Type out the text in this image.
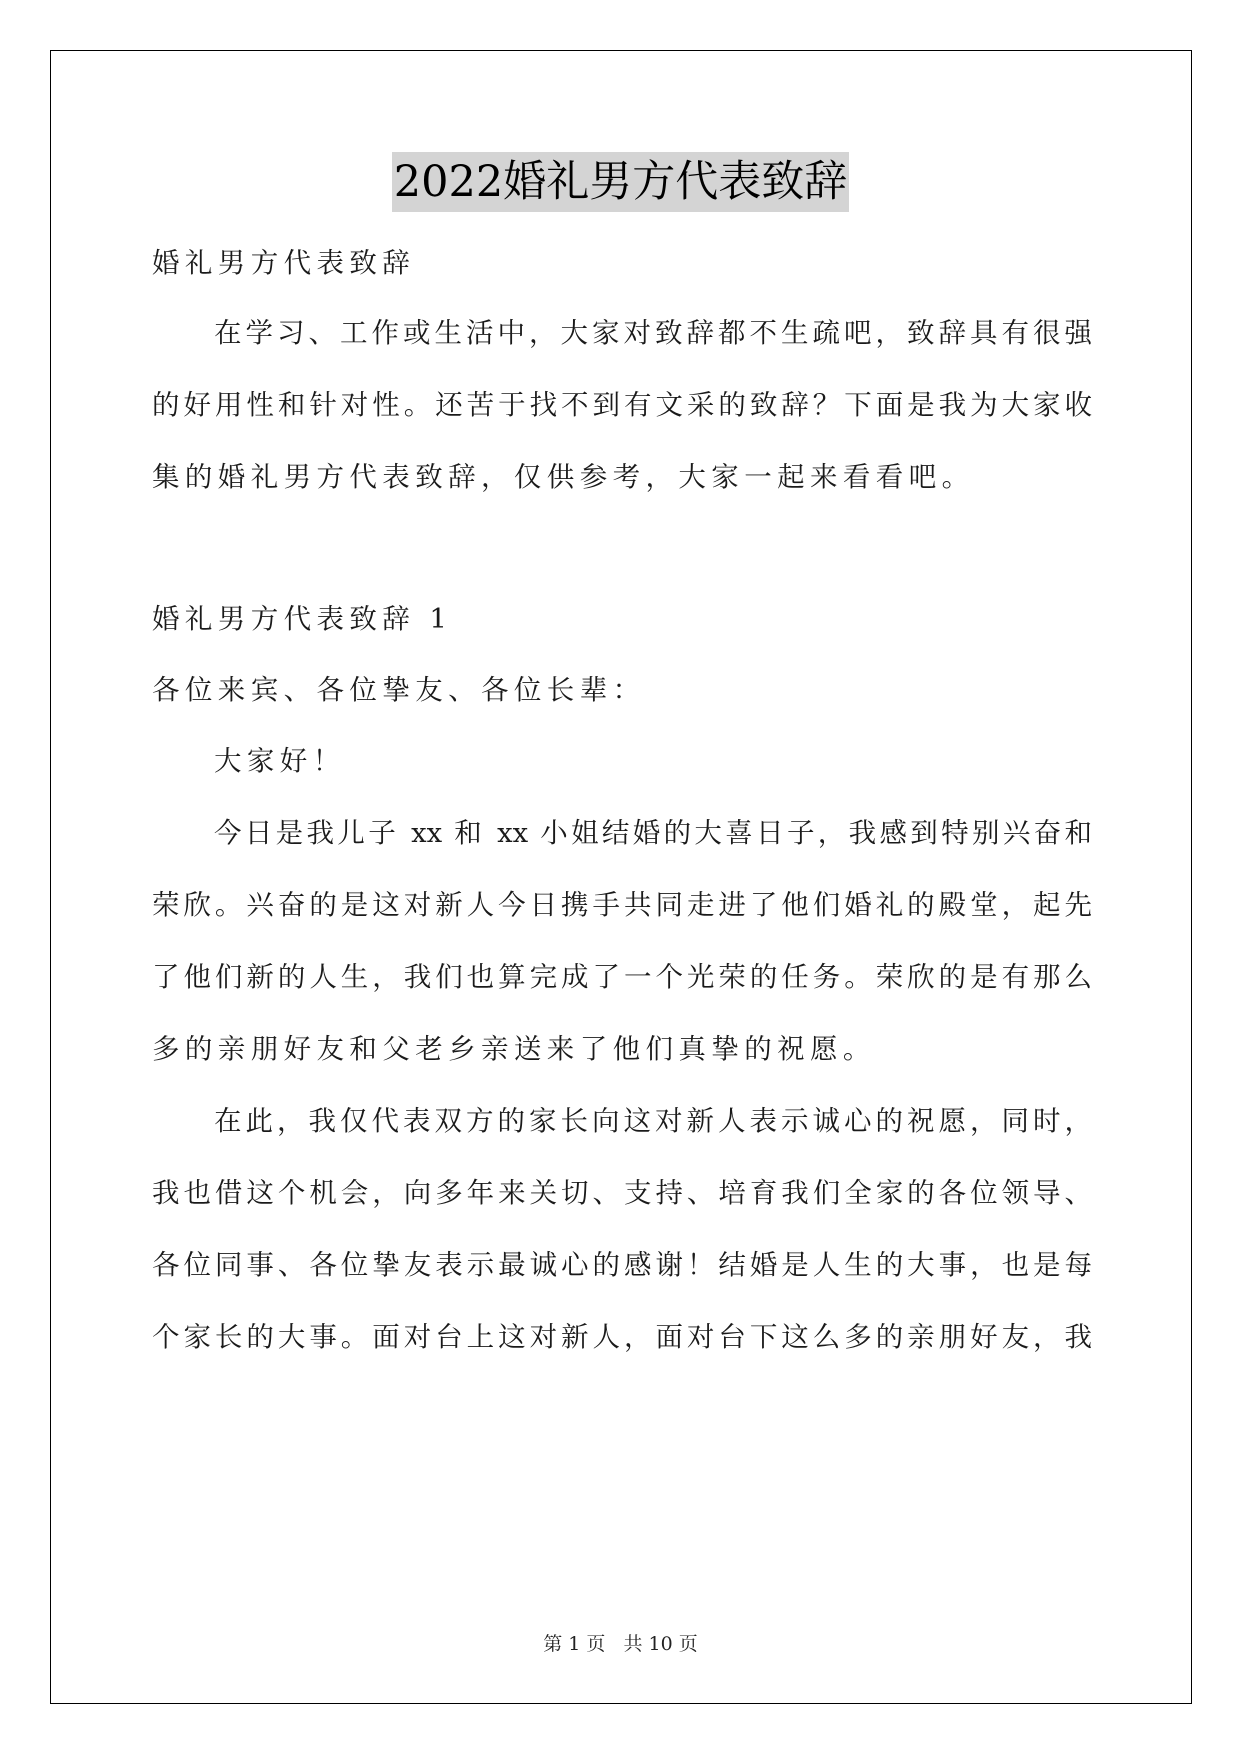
2022婚礼男方代表致辞
婚礼男方代表致辞
在学习、工作或生活中，大家对致辞都不生疏吧，致辞具有很强
的好用性和针对性。还苦于找不到有文采的致辞？下面是我为大家收
集的婚礼男方代表致辞，仅供参考，大家一起来看看吧。
婚礼男方代表致辞 1
各位来宾、各位挚友、各位长辈：
大家好！
今日是我儿子 xx 和 xx 小姐结婚的大喜日子，我感到特别兴奋和
荣欣。兴奋的是这对新人今日携手共同走进了他们婚礼的殿堂，起先
了他们新的人生，我们也算完成了一个光荣的任务。荣欣的是有那么
多的亲朋好友和父老乡亲送来了他们真挚的祝愿。
在此，我仅代表双方的家长向这对新人表示诚心的祝愿，同时，
我也借这个机会，向多年来关切、支持、培育我们全家的各位领导、
各位同事、各位挚友表示最诚心的感谢！结婚是人生的大事，也是每
个家长的大事。面对台上这对新人，面对台下这么多的亲朋好友，我
第 1 页   共 10 页
